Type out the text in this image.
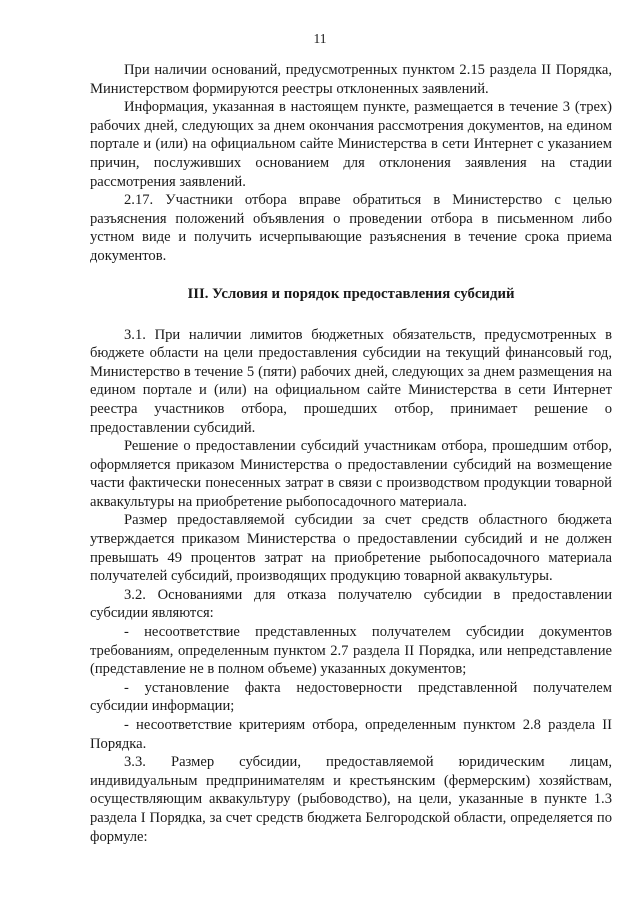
11

При наличии оснований, предусмотренных пунктом 2.15 раздела II Порядка, Министерством формируются реестры отклоненных заявлений.

Информация, указанная в настоящем пункте, размещается в течение 3 (трех) рабочих дней, следующих за днем окончания рассмотрения документов, на едином портале и (или) на официальном сайте Министерства в сети Интернет с указанием причин, послуживших основанием для отклонения заявления на стадии рассмотрения заявлений.

2.17. Участники отбора вправе обратиться в Министерство с целью разъяснения положений объявления о проведении отбора в письменном либо устном виде и получить исчерпывающие разъяснения в течение срока приема документов.

III. Условия и порядок предоставления субсидий

3.1. При наличии лимитов бюджетных обязательств, предусмотренных в бюджете области на цели предоставления субсидии на текущий финансовый год, Министерство в течение 5 (пяти) рабочих дней, следующих за днем размещения на едином портале и (или) на официальном сайте Министерства в сети Интернет реестра участников отбора, прошедших отбор, принимает решение о предоставлении субсидий.

Решение о предоставлении субсидий участникам отбора, прошедшим отбор, оформляется приказом Министерства о предоставлении субсидий на возмещение части фактически понесенных затрат в связи с производством продукции товарной аквакультуры на приобретение рыбопосадочного материала.

Размер предоставляемой субсидии за счет средств областного бюджета утверждается приказом Министерства о предоставлении субсидий и не должен превышать 49 процентов затрат на приобретение рыбопосадочного материала получателей субсидий, производящих продукцию товарной аквакультуры.

3.2. Основаниями для отказа получателю субсидии в предоставлении субсидии являются:

- несоответствие представленных получателем субсидии документов требованиям, определенным пунктом 2.7 раздела II Порядка, или непредставление (представление не в полном объеме) указанных документов;

- установление факта недостоверности представленной получателем субсидии информации;

- несоответствие критериям отбора, определенным пунктом 2.8 раздела II Порядка.

3.3. Размер субсидии, предоставляемой юридическим лицам, индивидуальным предпринимателям и крестьянским (фермерским) хозяйствам, осуществляющим аквакультуру (рыбоводство), на цели, указанные в пункте 1.3 раздела I Порядка, за счет средств бюджета Белгородской области, определяется по формуле:
